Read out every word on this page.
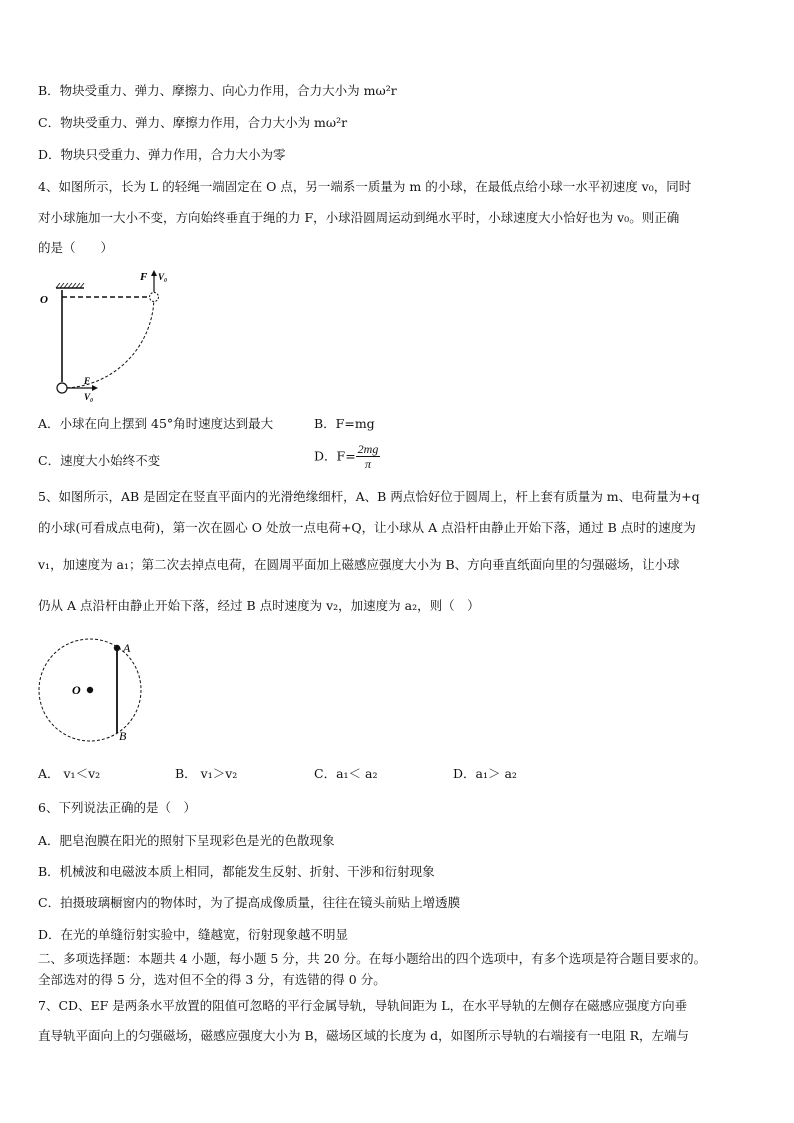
B．物块受重力、弹力、摩擦力、向心力作用，合力大小为 mω²r
C．物块受重力、弹力、摩擦力作用，合力大小为 mω²r
D．物块只受重力、弹力作用，合力大小为零
4、如图所示，长为 L 的轻绳一端固定在 O 点，另一端系一质量为 m 的小球，在最低点给小球一水平初速度 v₀，同时
对小球施加一大小不变，方向始终垂直于绳的力 F，小球沿圆周运动到绳水平时，小球速度大小恰好也为 v₀。则正确
的是（　　）
O
F V₀
F
V₀
A．小球在向上摆到 45°角时速度达到最大	B．F=mg
C．速度大小始终不变	D．$F= \frac{2mg}{\pi}$
5、如图所示，AB 是固定在竖直平面内的光滑绝缘细杆，A、B 两点恰好位于圆周上，杆上套有质量为 m、电荷量为+q
的小球(可看成点电荷)，第一次在圆心 O 处放一点电荷+Q，让小球从 A 点沿杆由静止开始下落，通过 B 点时的速度为
v₁，加速度为 a₁；第二次去掉点电荷，在圆周平面加上磁感应强度大小为 B、方向垂直纸面向里的匀强磁场，让小球
仍从 A 点沿杆由静止开始下落，经过 B 点时速度为 v₂，加速度为 a₂，则（　）
O
A
B
A． v₁＜v₂	B． v₁＞v₂	C．a₁＜ a₂	D．a₁＞ a₂
6、下列说法正确的是（　）
A．肥皂泡膜在阳光的照射下呈现彩色是光的色散现象
B．机械波和电磁波本质上相同，都能发生反射、折射、干涉和衍射现象
C．拍摄玻璃橱窗内的物体时，为了提高成像质量，往往在镜头前贴上增透膜
D．在光的单缝衍射实验中，缝越宽，衍射现象越不明显
二、多项选择题：本题共 4 小题，每小题 5 分，共 20 分。在每小题给出的四个选项中，有多个选项是符合题目要求的。
全部选对的得 5 分，选对但不全的得 3 分，有选错的得 0 分。
7、CD、EF 是两条水平放置的阻值可忽略的平行金属导轨，导轨间距为 L，在水平导轨的左侧存在磁感应强度方向垂
直导轨平面向上的匀强磁场，磁感应强度大小为 B，磁场区域的长度为 d，如图所示导轨的右端接有一电阻 R，左端与
